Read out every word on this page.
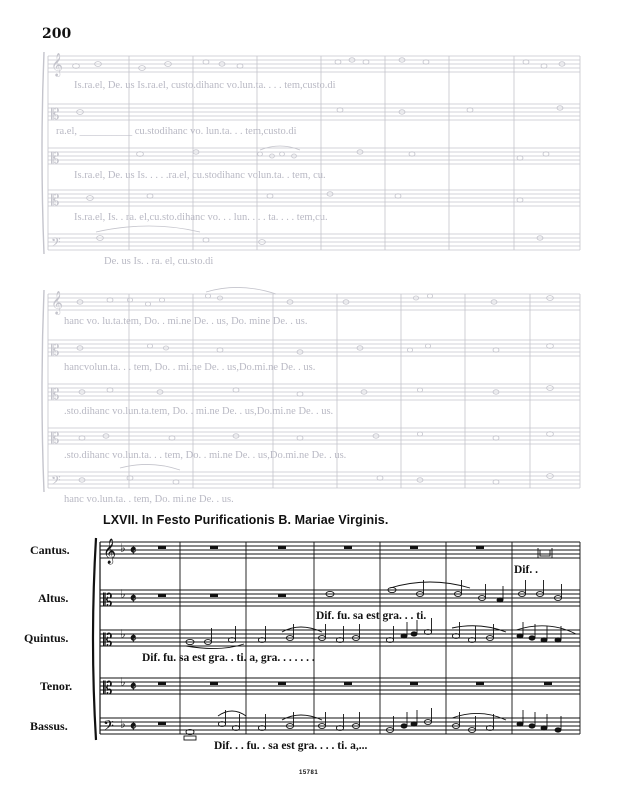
200
𝄞
𝄡
𝄡
𝄡
𝄢
𝄞
𝄡
𝄡
𝄡
𝄢
𝄞
𝄡
𝄡
𝄡
𝄢
♭
♭
♭
♭
♭
𝄵
𝄵
𝄵
𝄵
𝄵
Is.ra.el, De. us Is.ra.el, custo.dihanc vo.lun.ta. . . . tem,custo.di
ra.el, __________ cu.stodihanc vo. lun.ta. . . tem,custo.di
Is.ra.el, De. us Is. . . . .ra.el, cu.stodihanc volun.ta. . tem, cu.
Is.ra.el, Is. . ra. el,cu.sto.dihanc vo. . . lun. . . . ta. . . . tem,cu.
De. us Is. . ra. el, cu.sto.di
hanc vo. lu.ta.tem, Do. . mi.ne De. . us, Do. mine De. . us.
hancvolun.ta. . . tem, Do. . mi.ne De. . us,Do.mi.ne De. . us.
.sto.dihanc vo.lun.ta.tem, Do. . mi.ne De. . us,Do.mi.ne De. . us.
.sto.dihanc vo.lun.ta. . . tem, Do. . mi.ne De. . us,Do.mi.ne De. . us.
hanc vo.lun.ta. . tem, Do. mi.ne De. . us.
LXVII. In Festo Purificationis B. Mariae Virginis.
Cantus.
Altus.
Quintus.
Tenor.
Bassus.
Dif. .
Dif. fu. sa est gra. . . ti.
Dif. fu. sa est gra. . ti. a, gra. . . . . . .
Dif. . . fu. . sa est gra. . . . ti. a,...
15781
